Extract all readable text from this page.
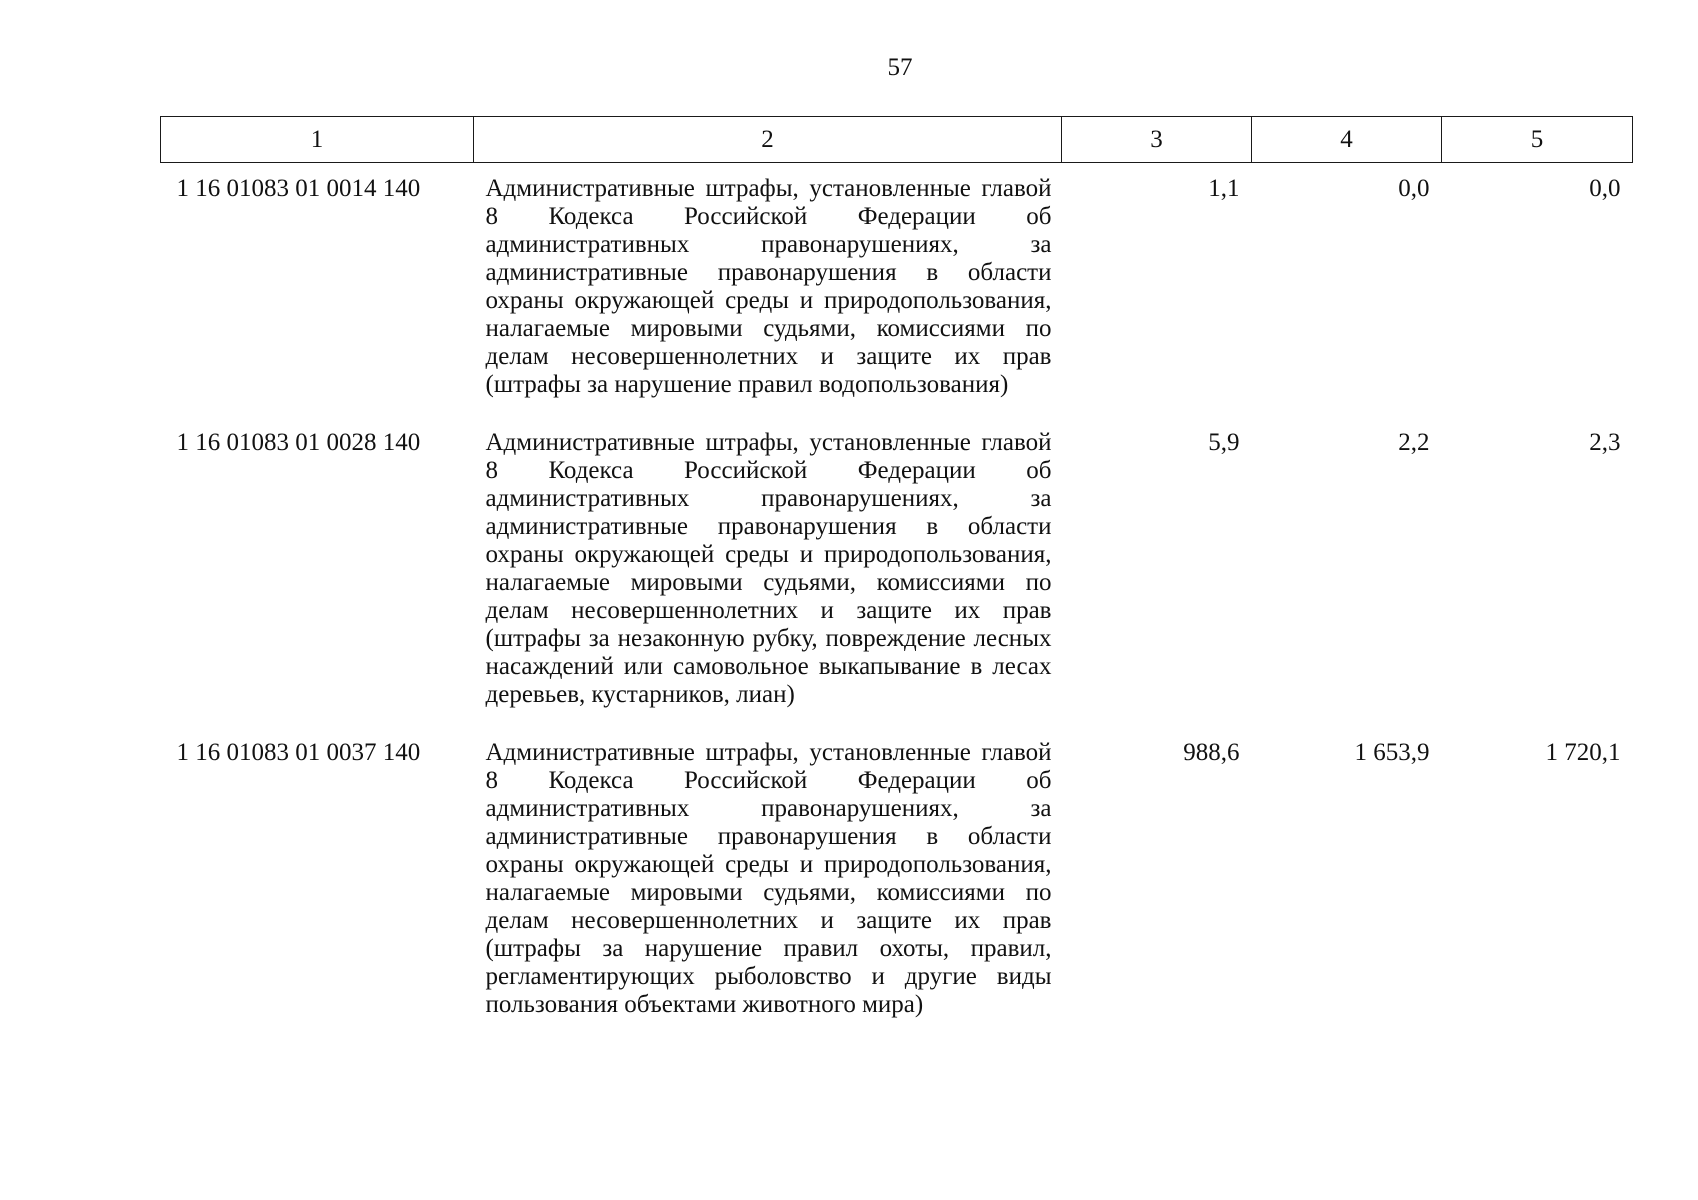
57
1	2	3	4	5
1 16 01083 01 0014 140	Административные штрафы, установленные главой 8 Кодекса Российской Федерации об административных правонарушениях, за административные правонарушения в области охраны окружающей среды и природопользования, налагаемые мировыми судьями, комиссиями по делам несовершеннолетних и защите их прав (штрафы за нарушение правил водопользования)	1,1	0,0	0,0
1 16 01083 01 0028 140	Административные штрафы, установленные главой 8 Кодекса Российской Федерации об административных правонарушениях, за административные правонарушения в области охраны окружающей среды и природопользования, налагаемые мировыми судьями, комиссиями по делам несовершеннолетних и защите их прав (штрафы за незаконную рубку, повреждение лесных насаждений или самовольное выкапывание в лесах деревьев, кустарников, лиан)	5,9	2,2	2,3
1 16 01083 01 0037 140	Административные штрафы, установленные главой 8 Кодекса Российской Федерации об административных правонарушениях, за административные правонарушения в области охраны окружающей среды и природопользования, налагаемые мировыми судьями, комиссиями по делам несовершеннолетних и защите их прав (штрафы за нарушение правил охоты, правил, регламентирующих рыболовство и другие виды пользования объектами животного мира)	988,6	1 653,9	1 720,1
